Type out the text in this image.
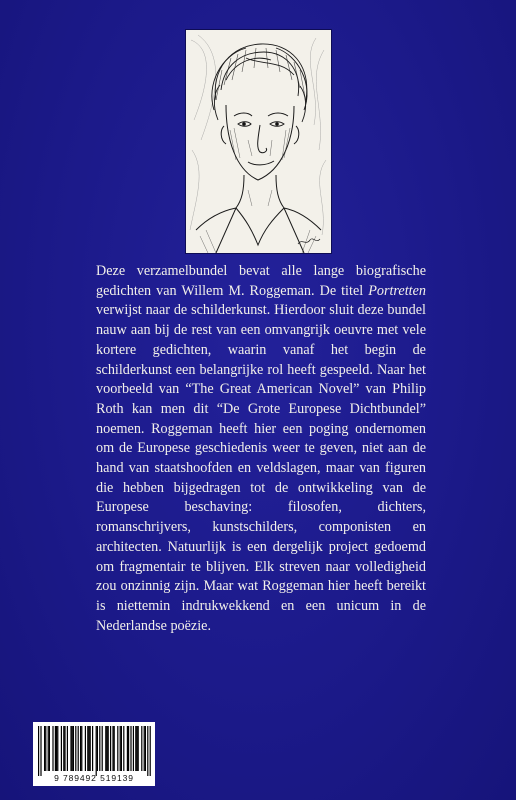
Deze verzamelbundel bevat alle lange biografische gedichten van Willem M. Roggeman. De titel Portretten verwijst naar de schilderkunst. Hierdoor sluit deze bundel nauw aan bij de rest van een omvangrijk oeuvre met vele kortere gedichten, waarin vanaf het begin de schilderkunst een belangrijke rol heeft gespeeld. Naar het voorbeeld van “The Great American Novel” van Philip Roth kan men dit “De Grote Europese Dichtbundel” noemen. Roggeman heeft hier een poging ondernomen om de Europese geschiedenis weer te geven, niet aan de hand van staatshoofden en veldslagen, maar van figuren die hebben bijgedragen tot de ontwikkeling van de Europese beschaving: filosofen, dichters, romanschrijvers, kunstschilders, componisten en architecten. Natuurlijk is een dergelijk project gedoemd om fragmentair te blijven. Elk streven naar volledigheid zou onzinnig zijn. Maar wat Roggeman hier heeft bereikt is niettemin indrukwekkend en een unicum in de Nederlandse poëzie.

9 789492 519139
